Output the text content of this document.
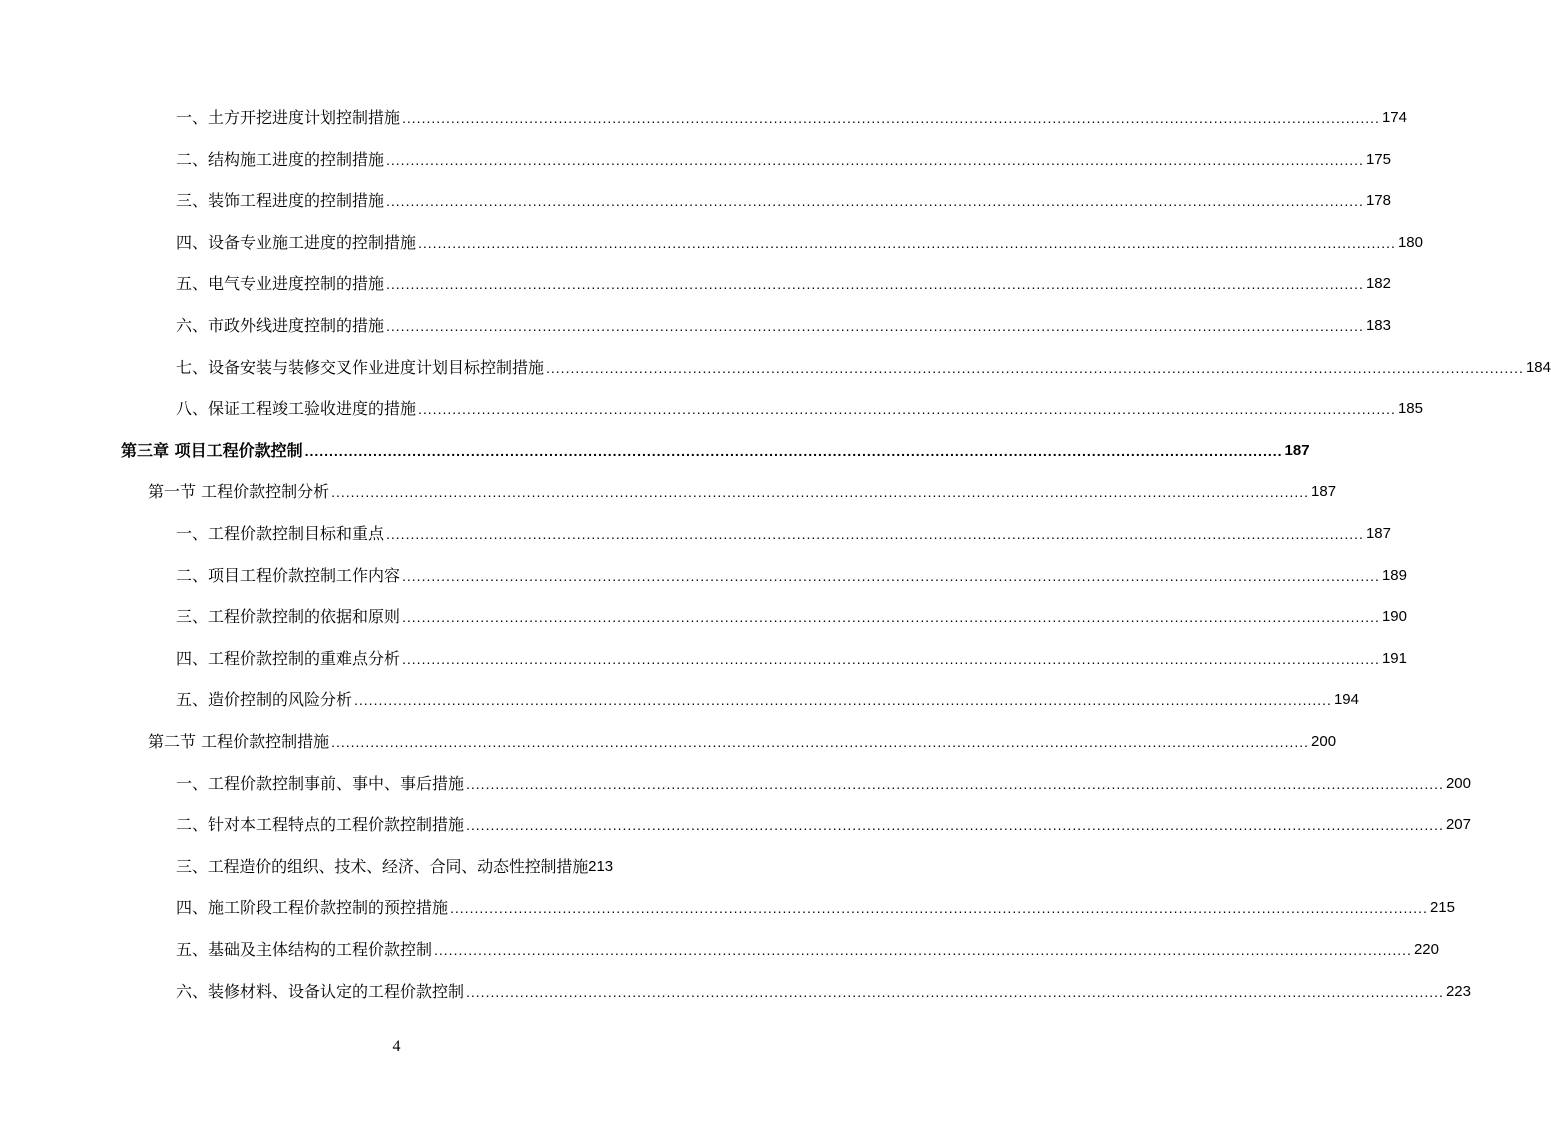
一、土方开挖进度计划控制措施 ........................................................................................................................................................................................................ 174
二、结构施工进度的控制措施 ........................................................................................................................................................................................................ 175
三、装饰工程进度的控制措施 ........................................................................................................................................................................................................ 178
四、设备专业施工进度的控制措施 ........................................................................................................................................................................................................ 180
五、电气专业进度控制的措施 ........................................................................................................................................................................................................ 182
六、市政外线进度控制的措施 ........................................................................................................................................................................................................ 183
七、设备安装与装修交叉作业进度计划目标控制措施 ........................................................................................................................................................................................................ 184
八、保证工程竣工验收进度的措施 ........................................................................................................................................................................................................ 185
第三章 项目工程价款控制 ........................................................................................................................................................................................................ 187
第一节 工程价款控制分析 ........................................................................................................................................................................................................ 187
一、工程价款控制目标和重点 ........................................................................................................................................................................................................ 187
二、项目工程价款控制工作内容 ........................................................................................................................................................................................................ 189
三、工程价款控制的依据和原则 ........................................................................................................................................................................................................ 190
四、工程价款控制的重难点分析 ........................................................................................................................................................................................................ 191
五、造价控制的风险分析 ........................................................................................................................................................................................................ 194
第二节 工程价款控制措施 ........................................................................................................................................................................................................ 200
一、工程价款控制事前、事中、事后措施 ........................................................................................................................................................................................................ 200
二、针对本工程特点的工程价款控制措施 ........................................................................................................................................................................................................ 207
三、工程造价的组织、技术、经济、合同、动态性控制措施 213
四、施工阶段工程价款控制的预控措施 ........................................................................................................................................................................................................ 215
五、基础及主体结构的工程价款控制 ........................................................................................................................................................................................................ 220
六、装修材料、设备认定的工程价款控制 ........................................................................................................................................................................................................ 223
4
